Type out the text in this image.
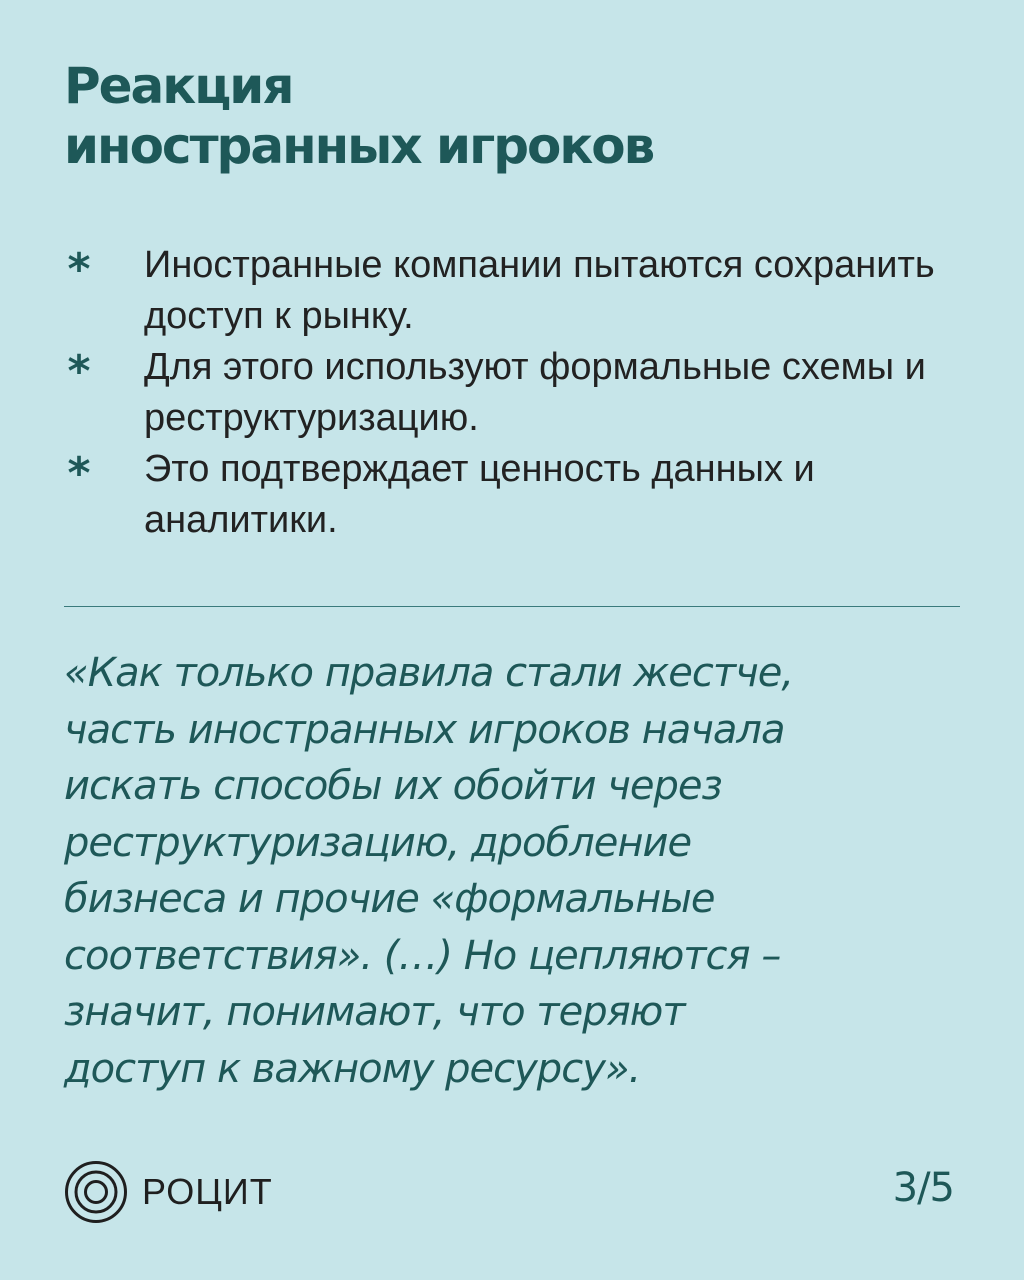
Реакция
иностранных игроков
* Иностранные компании пытаются сохранить доступ к рынку.
* Для этого используют формальные схемы и реструктуризацию.
* Это подтверждает ценность данных и аналитики.
«Как только правила стали жестче,
часть иностранных игроков начала
искать способы их обойти через
реструктуризацию, дробление
бизнеса и прочие «формальные
соответствия». (…) Но цепляются –
значит, понимают, что теряют
доступ к важному ресурсу».
РОЦИТ	3/5
